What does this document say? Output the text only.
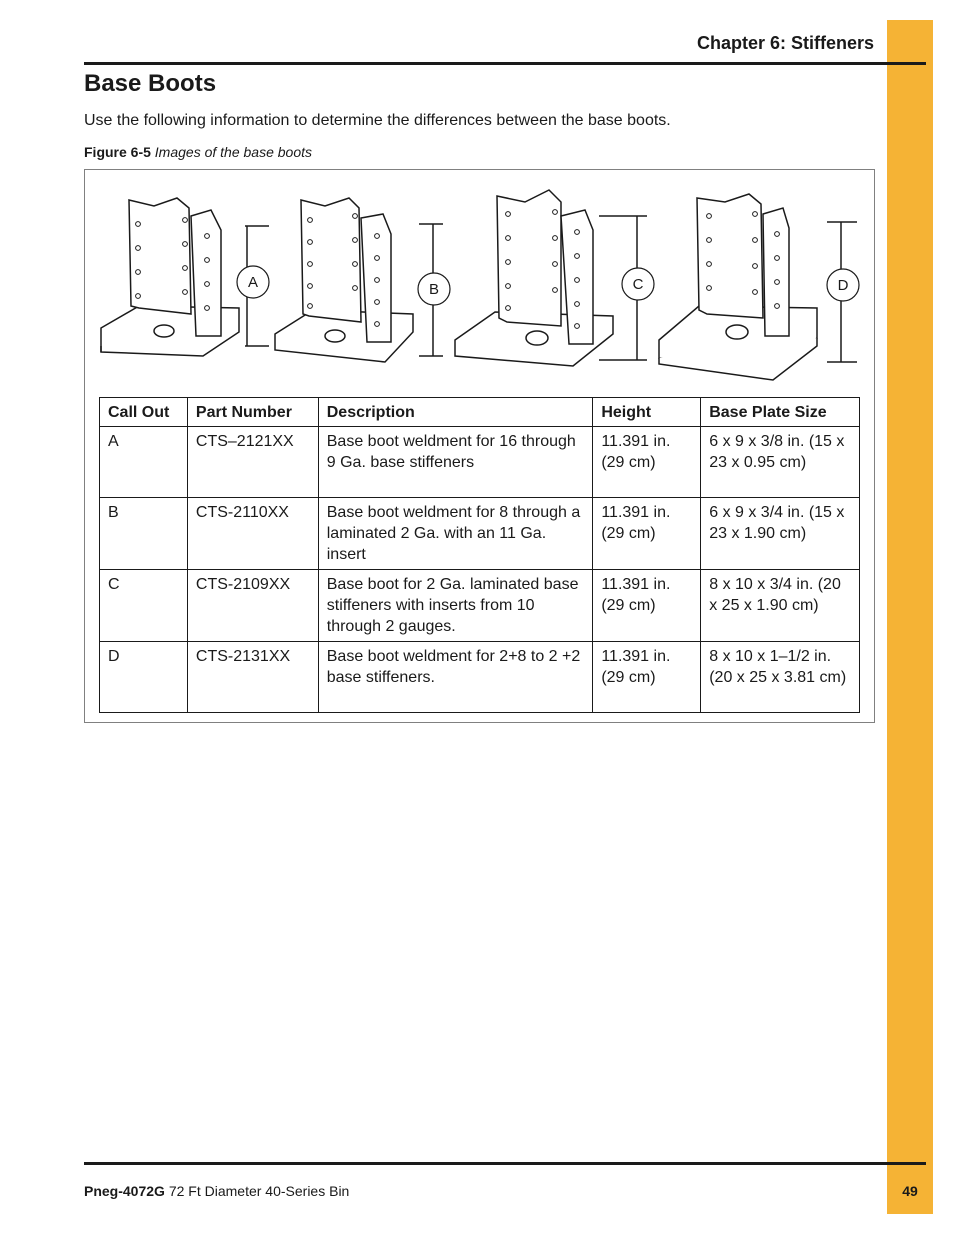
Chapter 6: Stiffeners
Base Boots

Use the following information to determine the differences between the base boots.

Figure 6-5 Images of the base boots

A	B	C	D
Call Out	Part Number	Description	Height	Base Plate Size
A	CTS–2121XX	Base boot weldment for 16 through 9 Ga. base stiffeners	11.391 in. (29 cm)	6 x 9 x 3/8 in. (15 x 23 x 0.95 cm)
B	CTS-2110XX	Base boot weldment for 8 through a laminated 2 Ga. with an 11 Ga. insert	11.391 in. (29 cm)	6 x 9 x 3/4 in. (15 x 23 x 1.90 cm)
C	CTS-2109XX	Base boot for 2 Ga. laminated base stiffeners with inserts from 10 through 2 gauges.	11.391 in. (29 cm)	8 x 10 x 3/4 in. (20 x 25 x 1.90 cm)
D	CTS-2131XX	Base boot weldment for 2+8 to 2 +2 base stiffeners.	11.391 in. (29 cm)	8 x 10 x 1–1/2 in. (20 x 25 x 3.81 cm)
Pneg-4072G 72 Ft Diameter 40-Series Bin	49
